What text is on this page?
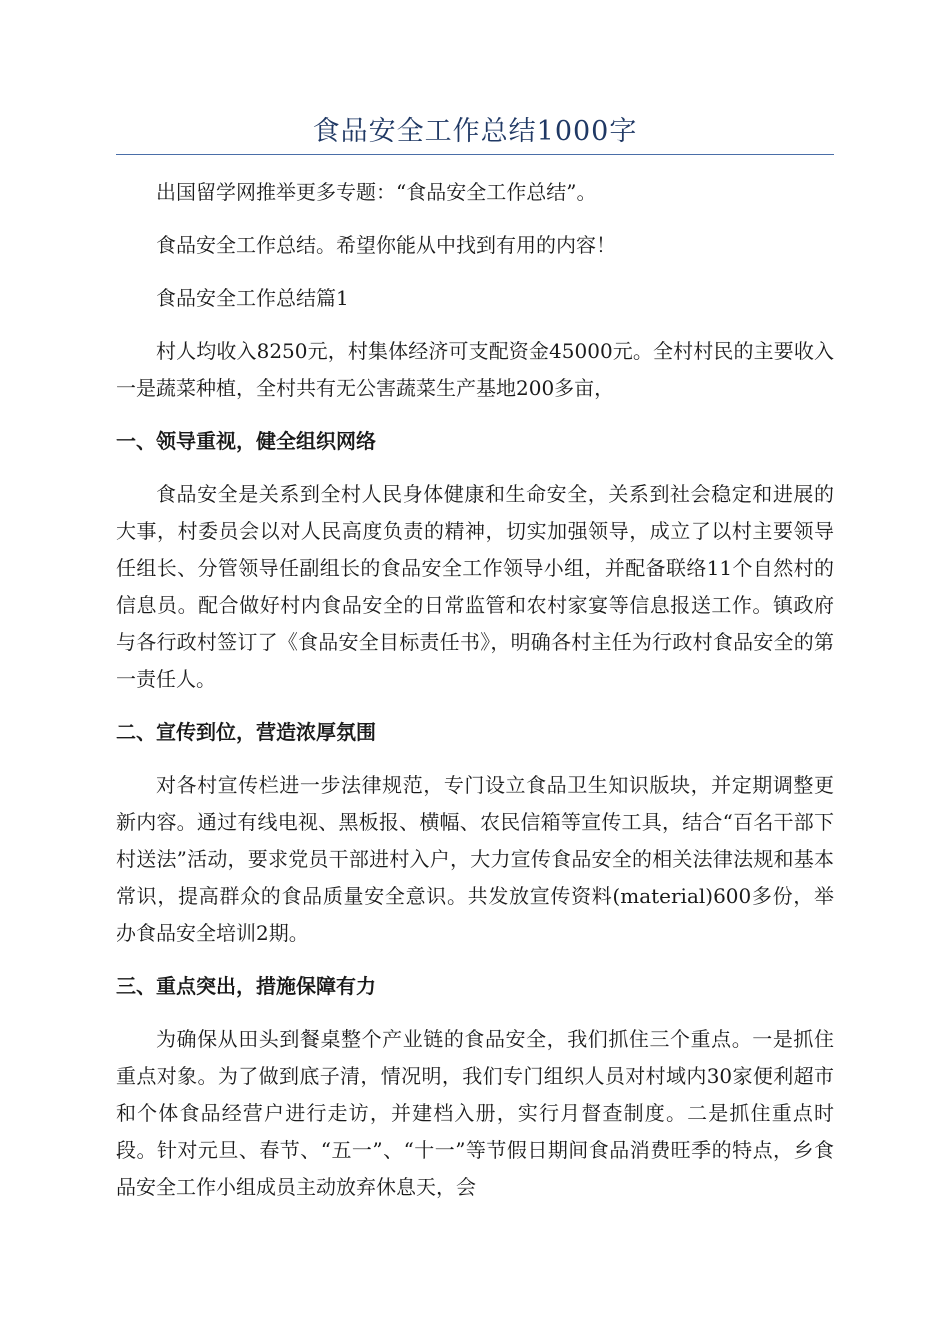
食品安全工作总结1000字

出国留学网推举更多专题：“食品安全工作总结”。

食品安全工作总结。希望你能从中找到有用的内容！

食品安全工作总结篇1

村人均收入8250元，村集体经济可支配资金45000元。全村村民的主要收入一是蔬菜种植，全村共有无公害蔬菜生产基地200多亩，

一、领导重视，健全组织网络

食品安全是关系到全村人民身体健康和生命安全，关系到社会稳定和进展的大事，村委员会以对人民高度负责的精神，切实加强领导，成立了以村主要领导任组长、分管领导任副组长的食品安全工作领导小组，并配备联络11个自然村的信息员。配合做好村内食品安全的日常监管和农村家宴等信息报送工作。镇政府与各行政村签订了《食品安全目标责任书》，明确各村主任为行政村食品安全的第一责任人。

二、宣传到位，营造浓厚氛围

对各村宣传栏进一步法律规范，专门设立食品卫生知识版块，并定期调整更新内容。通过有线电视、黑板报、横幅、农民信箱等宣传工具，结合“百名干部下村送法”活动，要求党员干部进村入户，大力宣传食品安全的相关法律法规和基本常识，提高群众的食品质量安全意识。共发放宣传资料(material)600多份，举办食品安全培训2期。

三、重点突出，措施保障有力

为确保从田头到餐桌整个产业链的食品安全，我们抓住三个重点。一是抓住重点对象。为了做到底子清，情况明，我们专门组织人员对村域内30家便利超市和个体食品经营户进行走访，并建档入册，实行月督查制度。二是抓住重点时段。针对元旦、春节、“五一”、“十一”等节假日期间食品消费旺季的特点，乡食品安全工作小组成员主动放弃休息天，会
